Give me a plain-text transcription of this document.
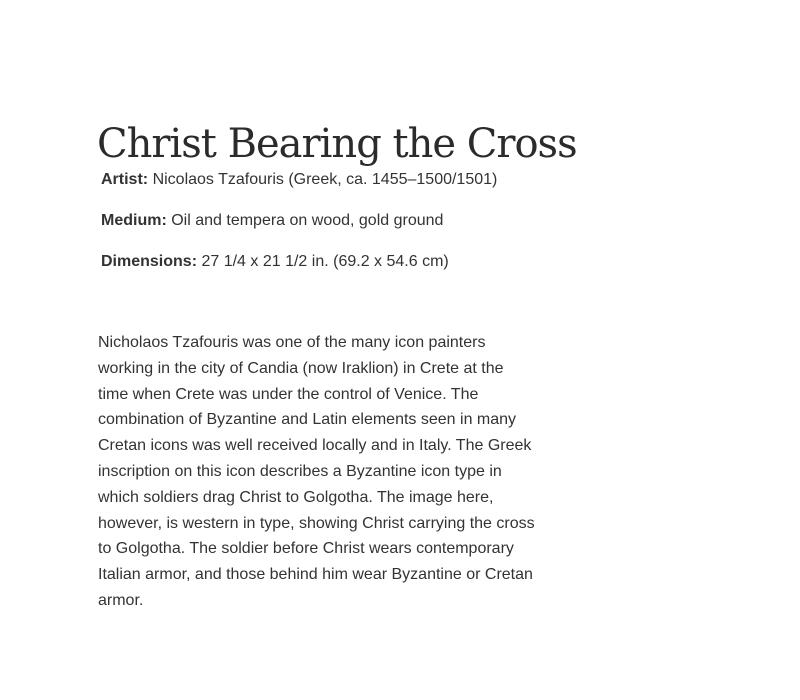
Christ Bearing the Cross
Artist: Nicolaos Tzafouris (Greek, ca. 1455–1500/1501)
Medium: Oil and tempera on wood, gold ground
Dimensions: 27 1/4 x 21 1/2 in. (69.2 x 54.6 cm)

Nicholaos Tzafouris was one of the many icon painters working in the city of Candia (now Iraklion) in Crete at the time when Crete was under the control of Venice. The combination of Byzantine and Latin elements seen in many Cretan icons was well received locally and in Italy. The Greek inscription on this icon describes a Byzantine icon type in which soldiers drag Christ to Golgotha. The image here, however, is western in type, showing Christ carrying the cross to Golgotha. The soldier before Christ wears contemporary Italian armor, and those behind him wear Byzantine or Cretan armor.
